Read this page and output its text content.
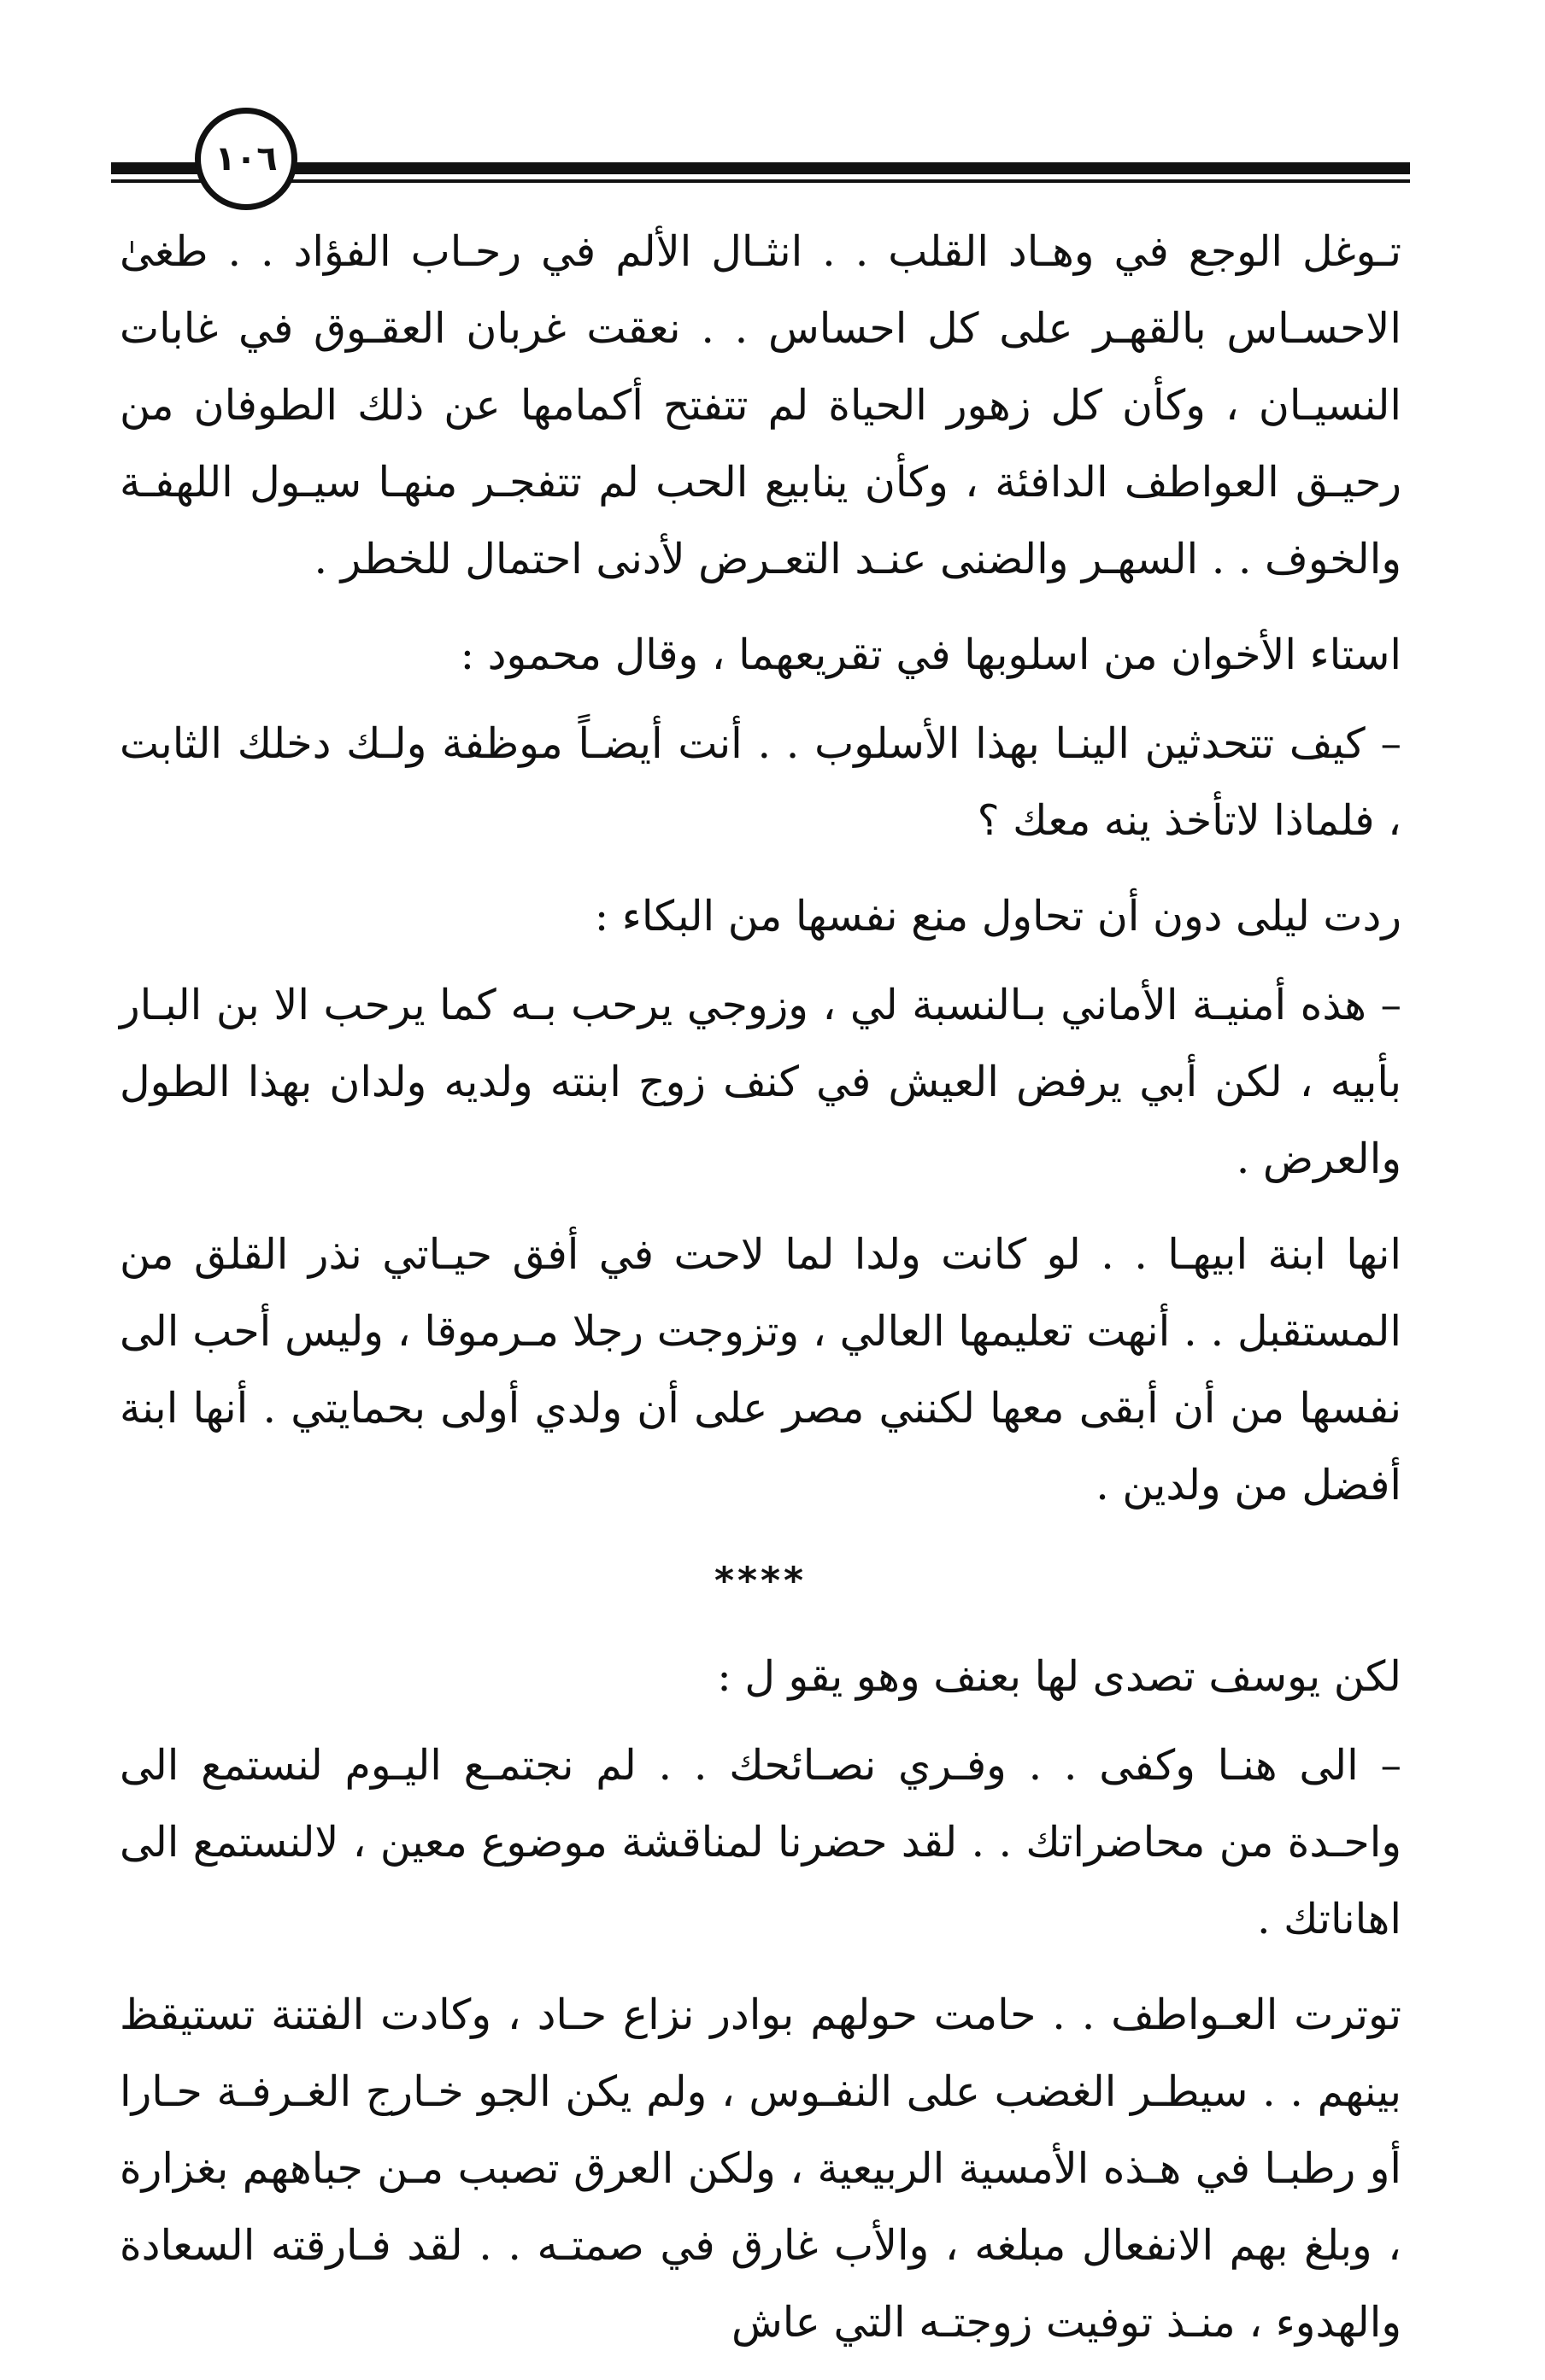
١٠٦

تـوغل الوجع في وهـاد القلب . . انثـال الألم في رحـاب الفؤاد . . طغىٰ الاحسـاس بالقهـر على كل احساس . . نعقت غربان العقـوق في غابات النسيـان ، وكأن كل زهور الحياة لم تتفتح أكمامها عن ذلك الطوفان من رحيـق العواطف الدافئة ، وكأن ينابيع الحب لم تتفجـر منهـا سيـول اللهفـة والخوف . . السهـر والضنى عنـد التعـرض لأدنى احتمال للخطر .

استاء الأخوان من اسلوبها في تقريعهما ، وقال محمود :

– كيف تتحدثين الينـا بهذا الأسلوب . . أنت أيضـاً موظفة ولـك دخلك الثابت ، فلماذا لاتأخذ ينه معك ؟

ردت ليلى دون أن تحاول منع نفسها من البكاء :

– هذه أمنيـة الأماني بـالنسبة لي ، وزوجي يرحب بـه كما يرحب الا بن البـار بأبيه ، لكن أبي يرفض العيش في كنف زوج ابنته ولديه ولدان بهذا الطول والعرض .

انها ابنة ابيهـا . . لو كانت ولدا لما لاحت في أفق حيـاتي نذر القلق من المستقبل . . أنهت تعليمها العالي ، وتزوجت رجلا مـرموقا ، وليس أحب الى نفسها من أن أبقى معها لكنني مصر على أن ولدي أولى بحمايتي . أنها ابنة أفضل من ولدين .

****

لكن يوسف تصدى لها بعنف وهو يقو ل :

– الى هنـا وكفى . . وفـري نصـائحك . . لم نجتمـع اليـوم لنستمع الى واحـدة من محاضراتك . . لقد حضرنا لمناقشة موضوع معين ، لالنستمع الى اهاناتك .

توترت العـواطف . . حامت حولهم بوادر نزاع حـاد ، وكادت الفتنة تستيقظ بينهم . . سيطـر الغضب على النفـوس ، ولم يكن الجو خـارج الغـرفـة حـارا أو رطبـا في هـذه الأمسية الربيعية ، ولكن العرق تصبب مـن جباههم بغزارة ، وبلغ بهم الانفعال مبلغه ، والأب غارق في صمتـه . . لقد فـارقته السعادة والهدوء ، منـذ توفيت زوجتـه التي عاش
